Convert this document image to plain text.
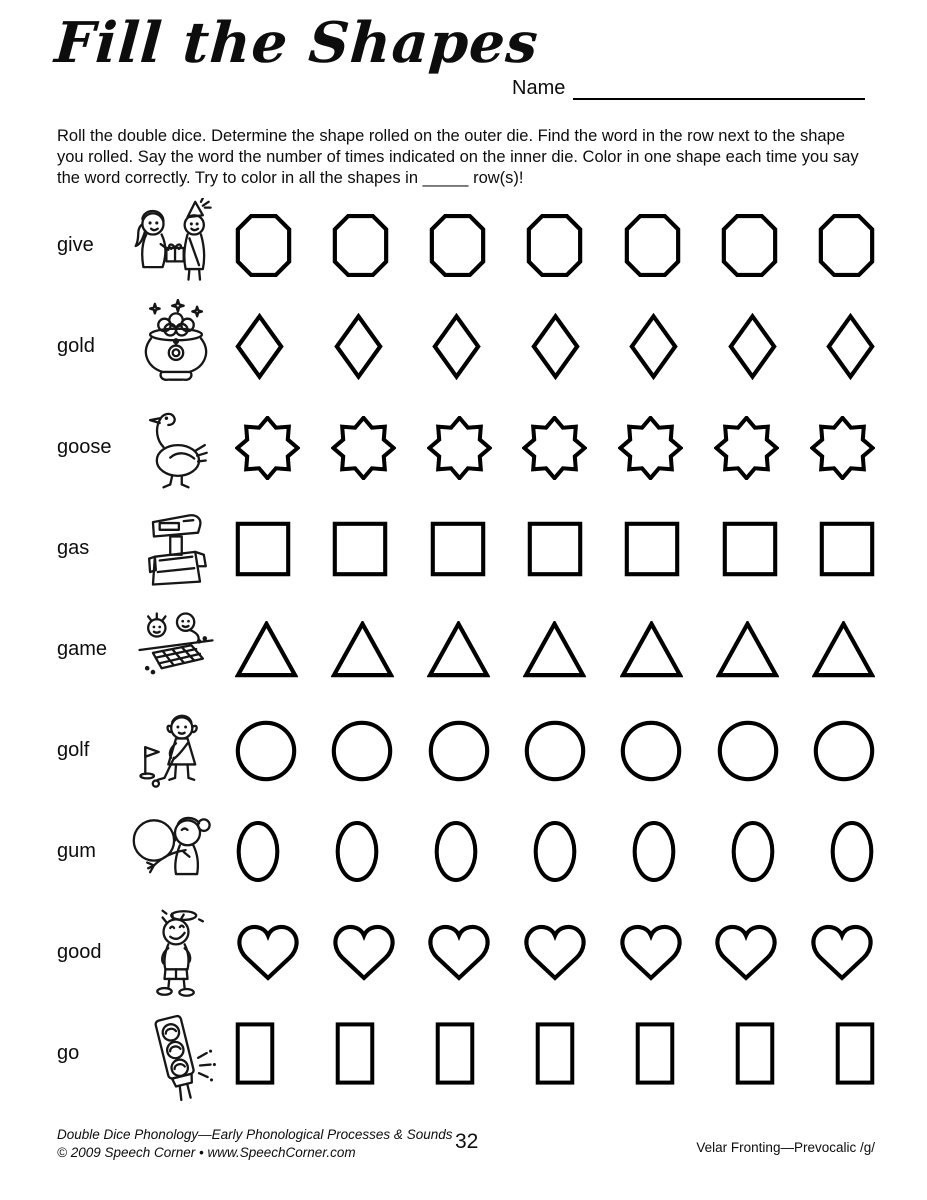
Fill the Shapes
Name

Roll the double dice. Determine the shape rolled on the outer die. Find the word in the row next to the shape you rolled. Say the word the number of times indicated on the inner die. Color in one shape each time you say the word correctly. Try to color in all the shapes in _____ row(s)!

give
gold
goose
gas
game
golf
gum
good
go
Double Dice Phonology—Early Phonological Processes & Sounds
© 2009 Speech Corner • www.SpeechCorner.com	32	Velar Fronting—Prevocalic /g/
